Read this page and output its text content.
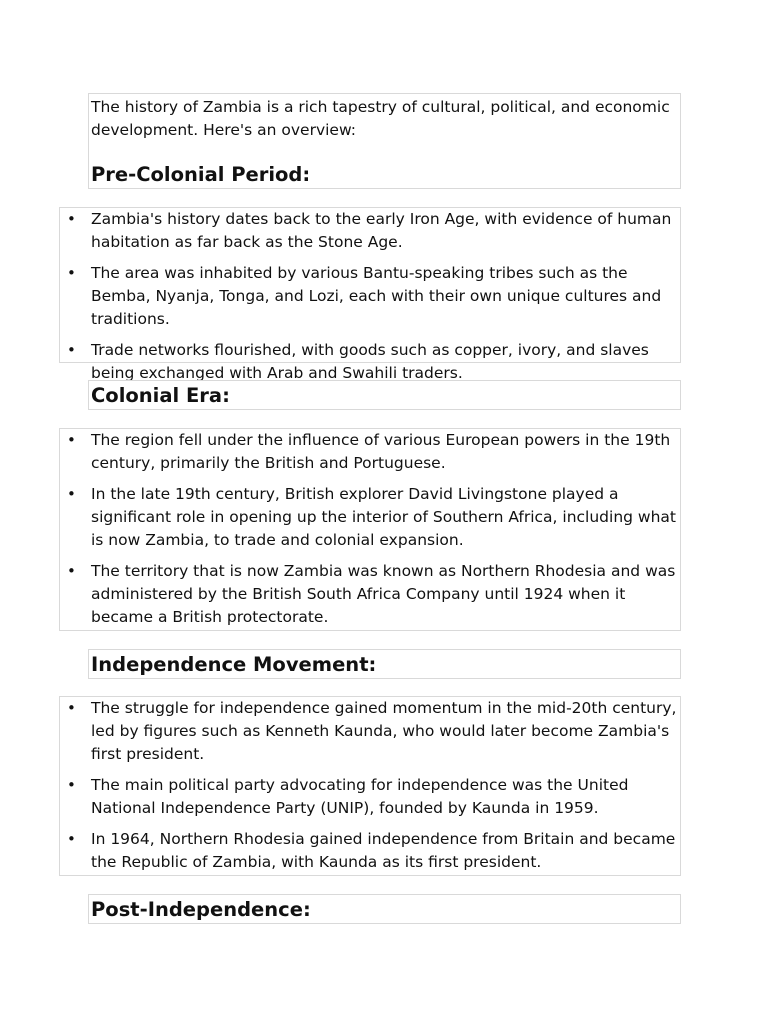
The history of Zambia is a rich tapestry of cultural, political, and economic development. Here's an overview:

Pre-Colonial Period:
• Zambia's history dates back to the early Iron Age, with evidence of human habitation as far back as the Stone Age.
• The area was inhabited by various Bantu-speaking tribes such as the Bemba, Nyanja, Tonga, and Lozi, each with their own unique cultures and traditions.
• Trade networks flourished, with goods such as copper, ivory, and slaves being exchanged with Arab and Swahili traders.
Colonial Era:
• The region fell under the influence of various European powers in the 19th century, primarily the British and Portuguese.
• In the late 19th century, British explorer David Livingstone played a significant role in opening up the interior of Southern Africa, including what is now Zambia, to trade and colonial expansion.
• The territory that is now Zambia was known as Northern Rhodesia and was administered by the British South Africa Company until 1924 when it became a British protectorate.
Independence Movement:
• The struggle for independence gained momentum in the mid-20th century, led by figures such as Kenneth Kaunda, who would later become Zambia's first president.
• The main political party advocating for independence was the United National Independence Party (UNIP), founded by Kaunda in 1959.
• In 1964, Northern Rhodesia gained independence from Britain and became the Republic of Zambia, with Kaunda as its first president.
Post-Independence:
